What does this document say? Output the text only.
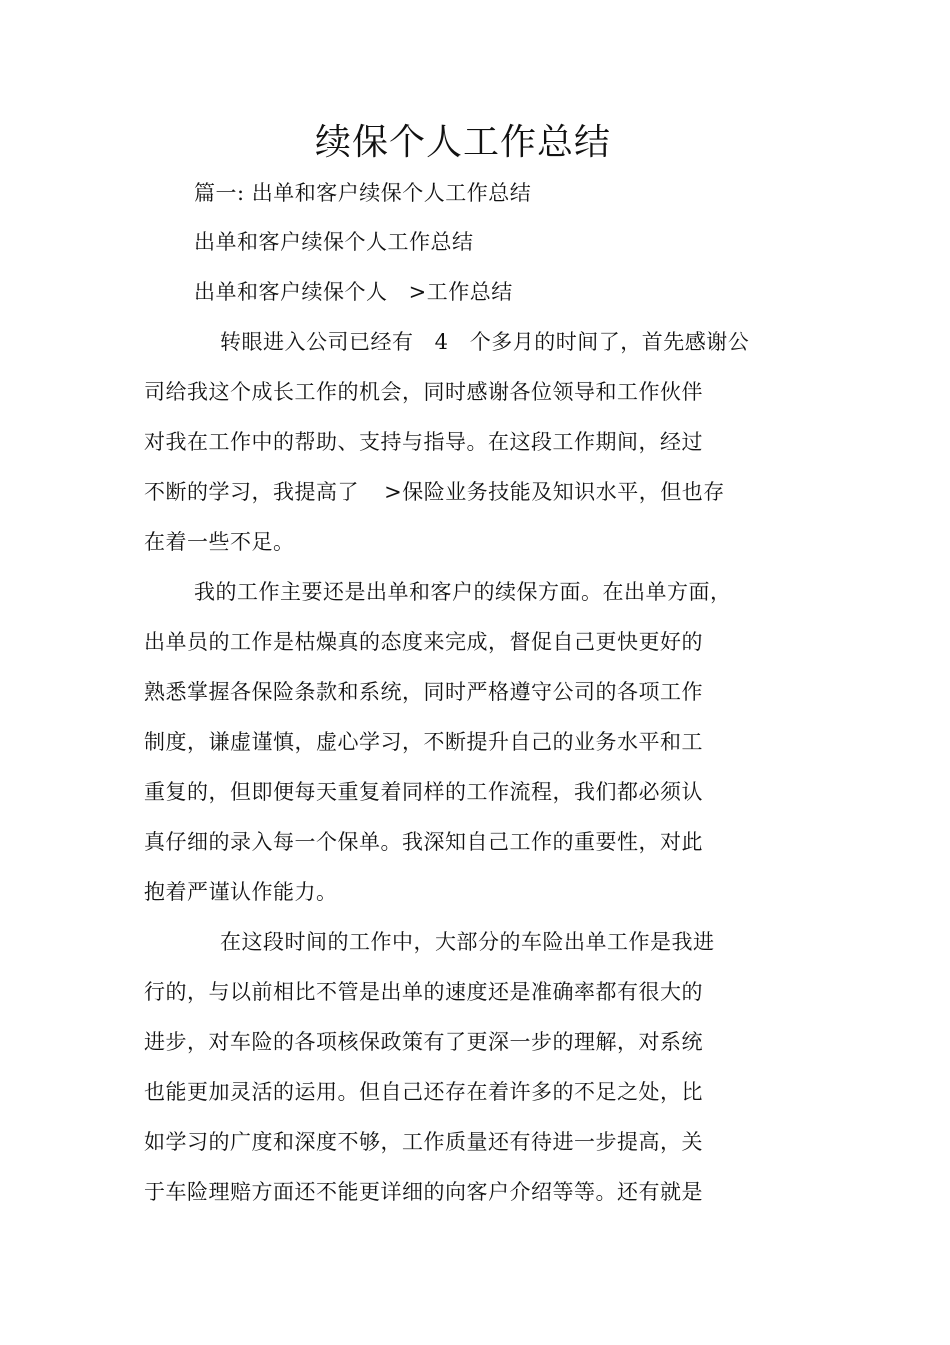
续保个人工作总结
篇一: 出单和客户续保个人工作总结
出单和客户续保个人工作总结
出单和客户续保个人 >工作总结
转眼进入公司已经有 4 个多月的时间了，首先感谢公
司给我这个成长工作的机会，同时感谢各位领导和工作伙伴
对我在工作中的帮助、支持与指导。在这段工作期间，经过
不断的学习，我提高了 >保险业务技能及知识水平，但也存
在着一些不足。
我的工作主要还是出单和客户的续保方面。在出单方面，
出单员的工作是枯燥真的态度来完成，督促自己更快更好的
熟悉掌握各保险条款和系统，同时严格遵守公司的各项工作
制度，谦虚谨慎，虚心学习，不断提升自己的业务水平和工
重复的，但即便每天重复着同样的工作流程，我们都必须认
真仔细的录入每一个保单。我深知自己工作的重要性，对此
抱着严谨认作能力。
在这段时间的工作中，大部分的车险出单工作是我进
行的，与以前相比不管是出单的速度还是准确率都有很大的
进步，对车险的各项核保政策有了更深一步的理解，对系统
也能更加灵活的运用。但自己还存在着许多的不足之处，比
如学习的广度和深度不够，工作质量还有待进一步提高，关
于车险理赔方面还不能更详细的向客户介绍等等。还有就是
